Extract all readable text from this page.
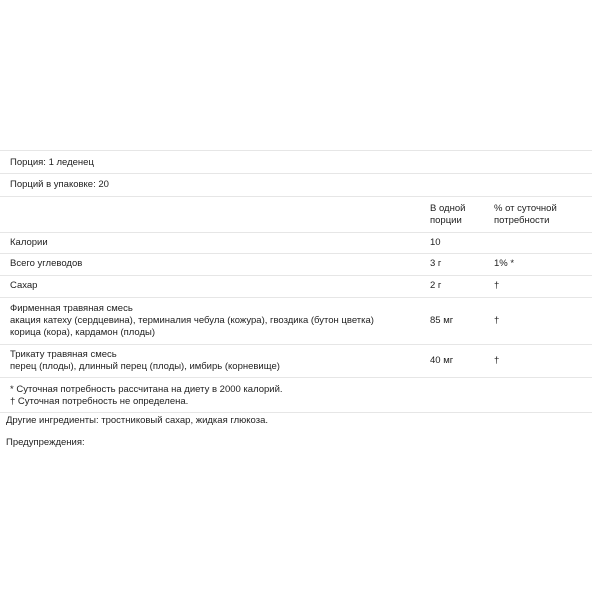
Порция: 1 леденец
Порций в упаковке: 20
В одной
порции
% от суточной
потребности
Калории	10
Всего углеводов	3 г	1% *
Сахар	2 г	†
Фирменная травяная смесь
акация катеху (сердцевина), терминалия чебула (кожура), гвоздика (бутон цветка)
корица (кора), кардамон (плоды)
85 мг	†
Трикату травяная смесь
перец (плоды), длинный перец (плоды), имбирь (корневище)
40 мг	†
* Суточная потребность рассчитана на диету в 2000 калорий.
† Суточная потребность не определена.
Другие ингредиенты: тростниковый сахар, жидкая глюкоза.
Предупреждения:
